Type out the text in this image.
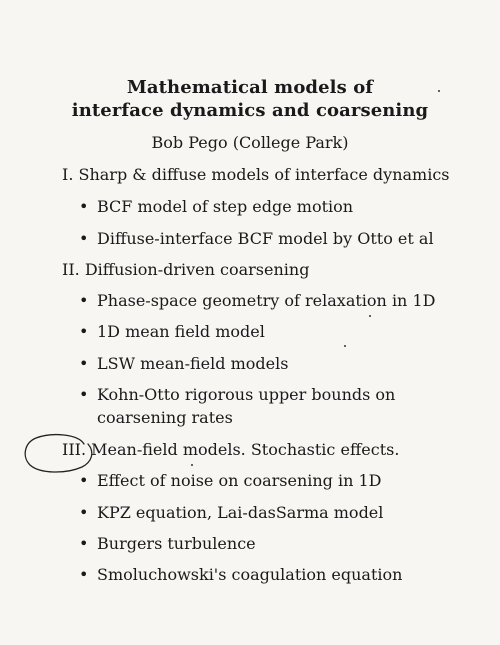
Mathematical models of
interface dynamics and coarsening
Bob Pego (College Park)
I. Sharp & diffuse models of interface dynamics
• BCF model of step edge motion
• Diffuse-interface BCF model by Otto et al
II. Diffusion-driven coarsening
• Phase-space geometry of relaxation in 1D
• 1D mean field model
• LSW mean-field models
• Kohn-Otto rigorous upper bounds on
coarsening rates
III. Mean-field models. Stochastic effects.
• Effect of noise on coarsening in 1D
• KPZ equation, Lai-dasSarma model
• Burgers turbulence
• Smoluchowski's coagulation equation
